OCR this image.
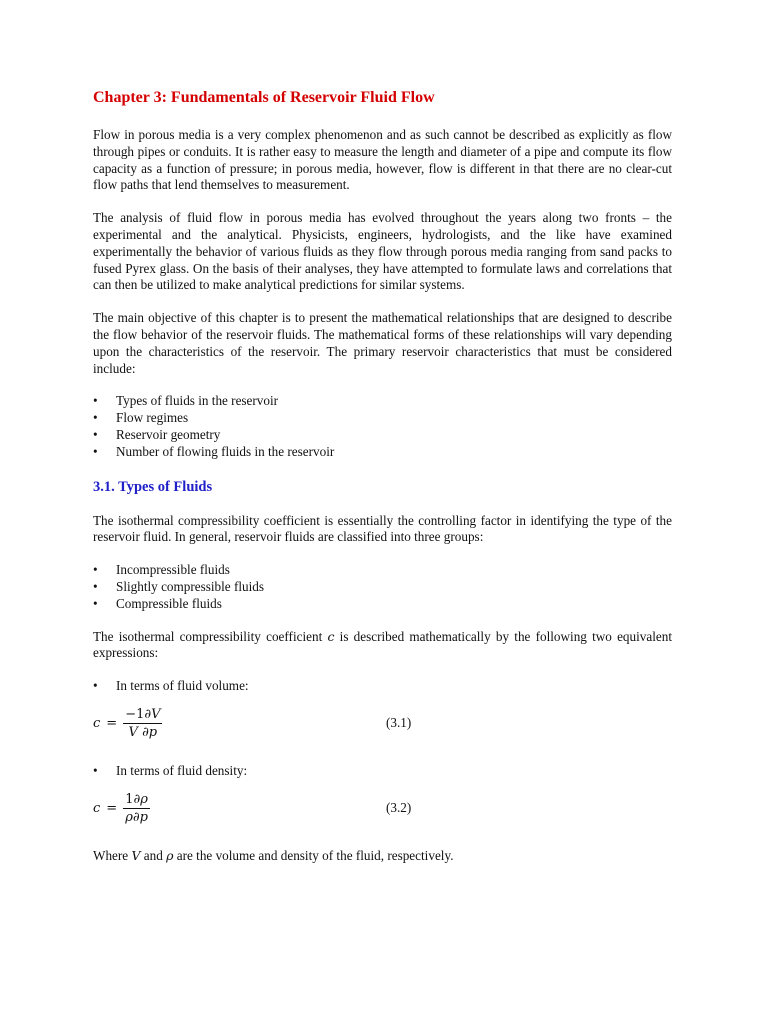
Chapter 3: Fundamentals of Reservoir Fluid Flow

Flow in porous media is a very complex phenomenon and as such cannot be described as explicitly as flow through pipes or conduits. It is rather easy to measure the length and diameter of a pipe and compute its flow capacity as a function of pressure; in porous media, however, flow is different in that there are no clear-cut flow paths that lend themselves to measurement.

The analysis of fluid flow in porous media has evolved throughout the years along two fronts – the experimental and the analytical. Physicists, engineers, hydrologists, and the like have examined experimentally the behavior of various fluids as they flow through porous media ranging from sand packs to fused Pyrex glass. On the basis of their analyses, they have attempted to formulate laws and correlations that can then be utilized to make analytical predictions for similar systems.

The main objective of this chapter is to present the mathematical relationships that are designed to describe the flow behavior of the reservoir fluids. The mathematical forms of these relationships will vary depending upon the characteristics of the reservoir. The primary reservoir characteristics that must be considered include:

• Types of fluids in the reservoir
• Flow regimes
• Reservoir geometry
• Number of flowing fluids in the reservoir
3.1. Types of Fluids

The isothermal compressibility coefficient is essentially the controlling factor in identifying the type of the reservoir fluid. In general, reservoir fluids are classified into three groups:

• Incompressible fluids
• Slightly compressible fluids
• Compressible fluids

The isothermal compressibility coefficient c is described mathematically by the following two equivalent expressions:

• In terms of fluid volume:
$c = \frac{-1\partial V}{V \partial p}$	(3.1)
• In terms of fluid density:
$c = \frac{1\partial\rho}{\rho\partial p}$	(3.2)

Where V and ρ are the volume and density of the fluid, respectively.
